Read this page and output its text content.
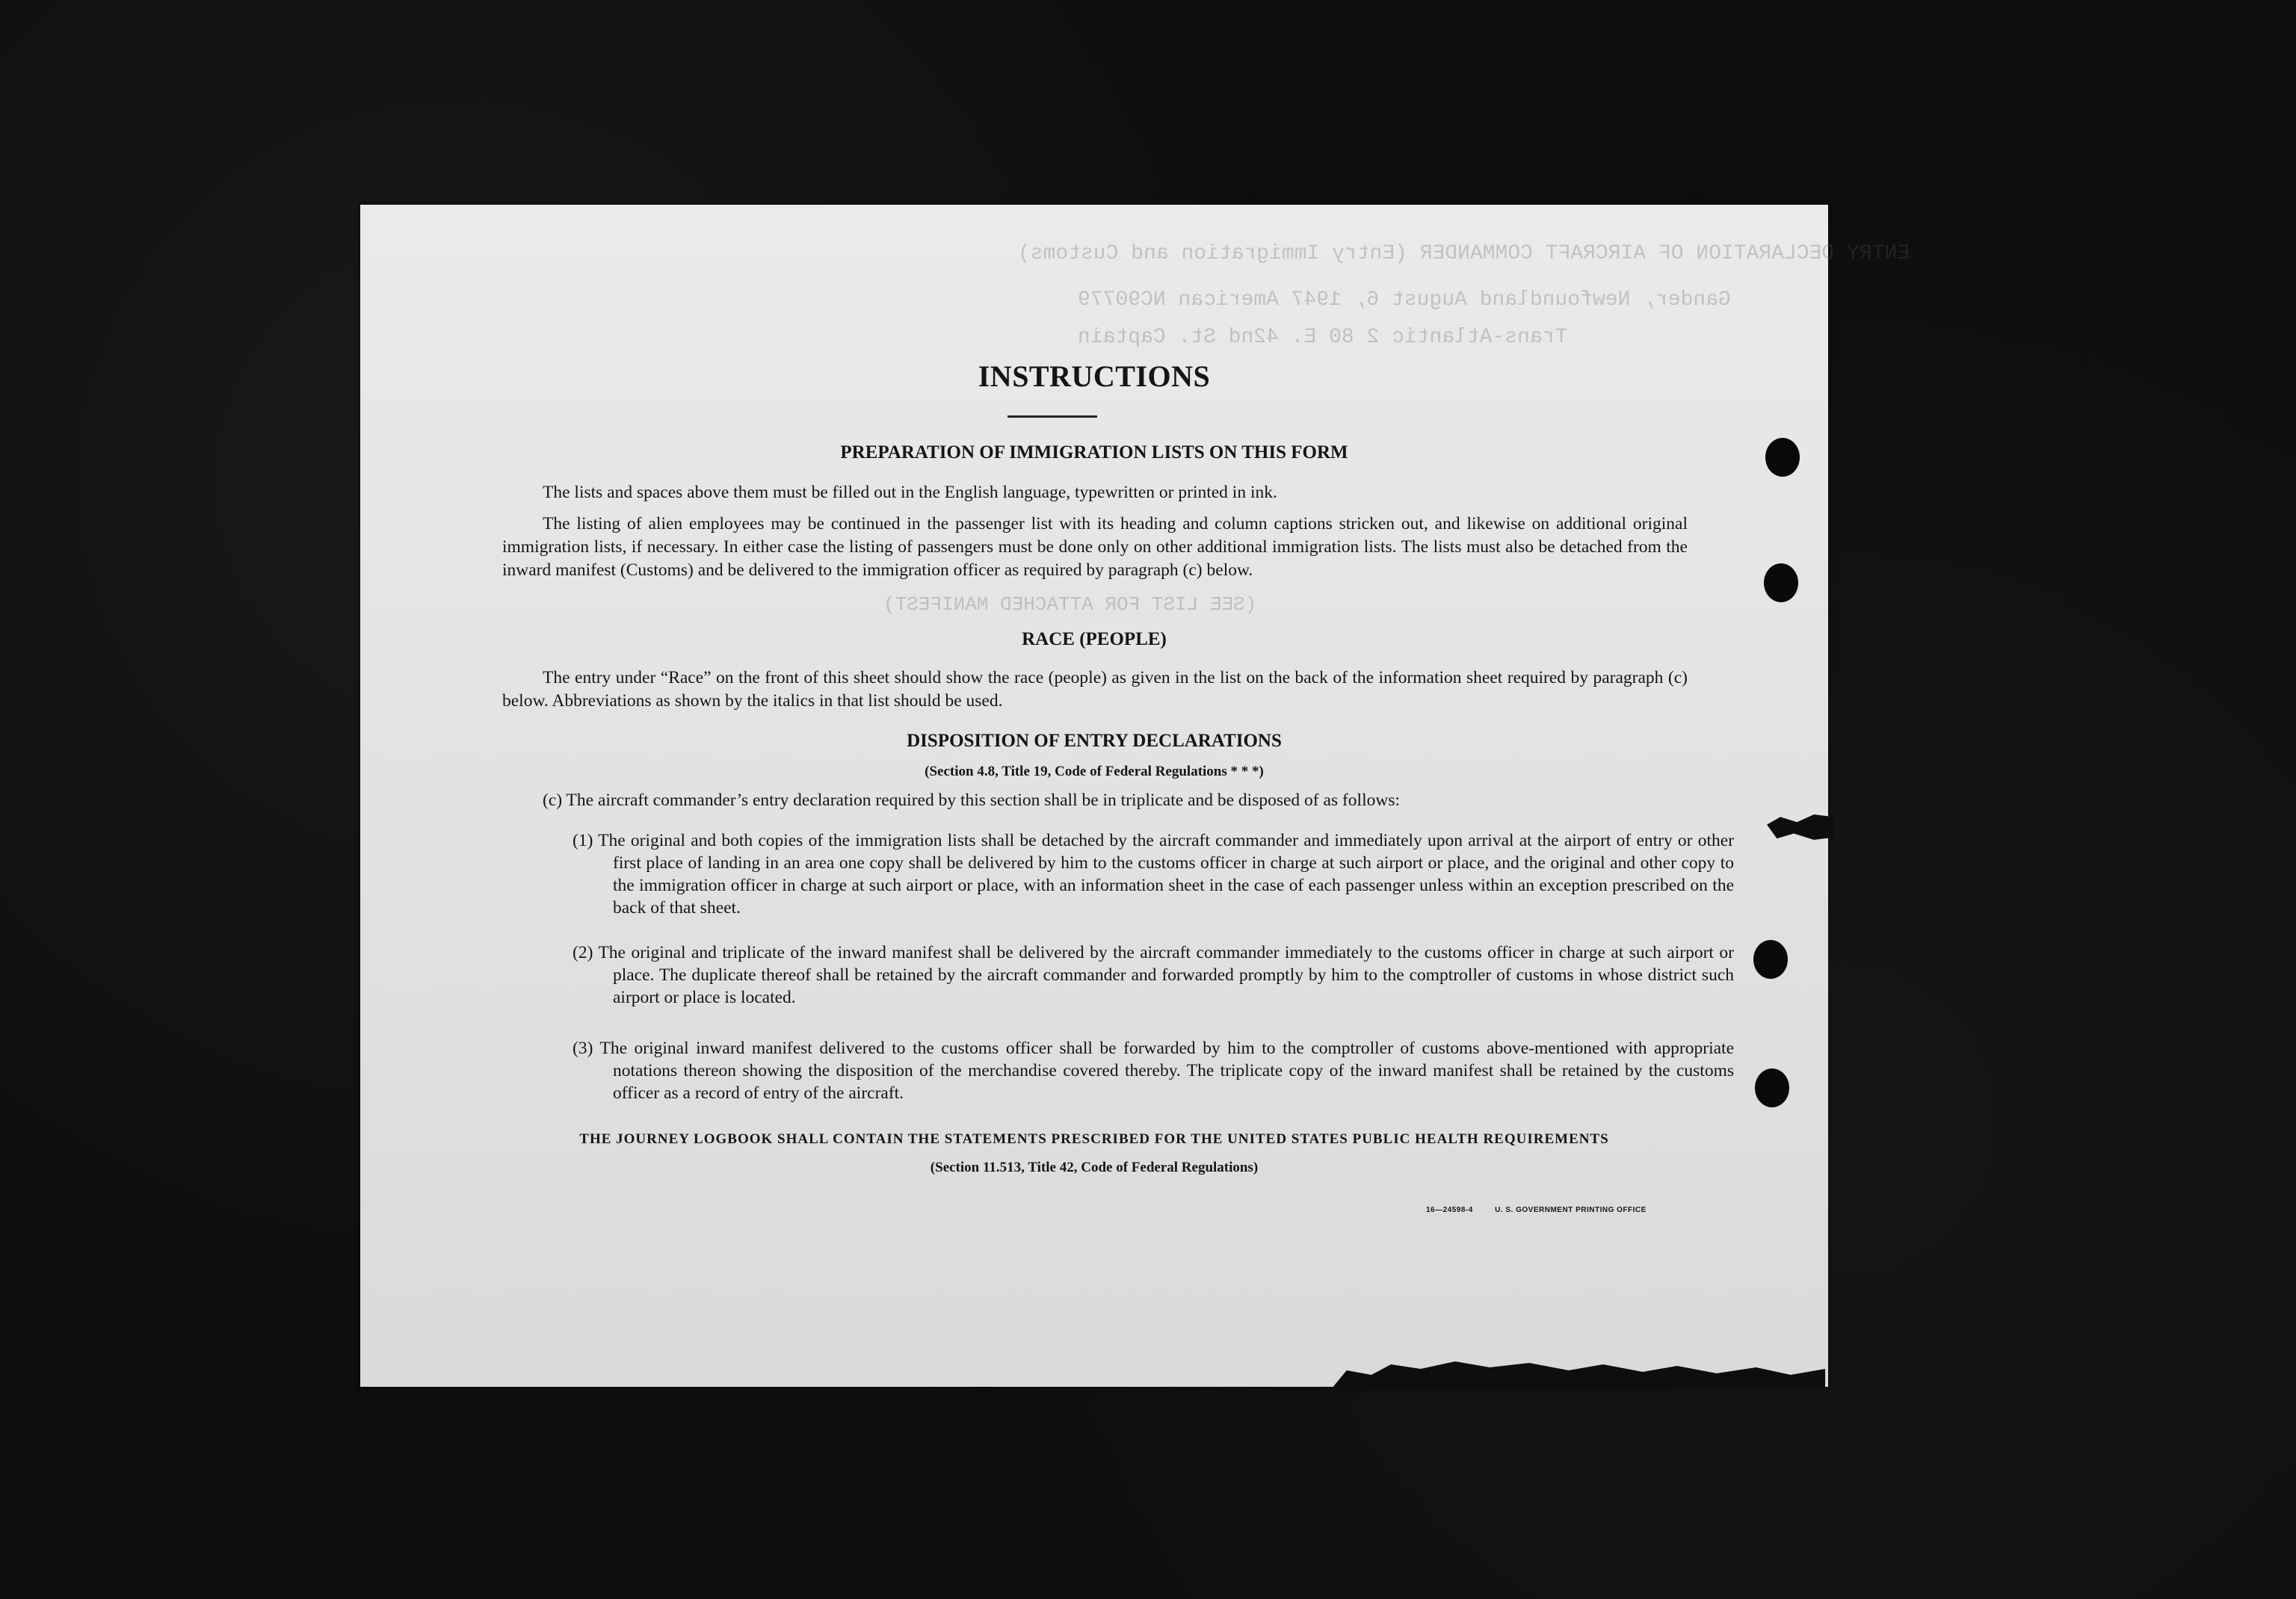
ENTRY DECLARATION OF AIRCRAFT COMMANDER (Entry Immigration and Customs)
Gander, Newfoundland August 6, 1947 American NC90779
Trans-Atlantic 2 80 E. 42nd St. Captain
(SEE LIST FOR ATTACHED MANIFEST)
INSTRUCTIONS
PREPARATION OF IMMIGRATION LISTS ON THIS FORM

The lists and spaces above them must be filled out in the English language, typewritten or printed in ink.

The listing of alien employees may be continued in the passenger list with its heading and column captions stricken out, and likewise on additional original immigration lists, if necessary. In either case the listing of passengers must be done only on other additional immigration lists. The lists must also be detached from the inward manifest (Customs) and be delivered to the immigration officer as required by paragraph (c) below.

RACE (PEOPLE)

The entry under “Race” on the front of this sheet should show the race (people) as given in the list on the back of the information sheet required by paragraph (c) below. Abbreviations as shown by the italics in that list should be used.

DISPOSITION OF ENTRY DECLARATIONS
(Section 4.8, Title 19, Code of Federal Regulations * * *)

(c) The aircraft commander’s entry declaration required by this section shall be in triplicate and be disposed of as follows:

(1) The original and both copies of the immigration lists shall be detached by the aircraft commander and immediately upon arrival at the airport of entry or other first place of landing in an area one copy shall be delivered by him to the customs officer in charge at such airport or place, and the original and other copy to the immigration officer in charge at such airport or place, with an information sheet in the case of each passenger unless within an exception prescribed on the back of that sheet.

(2) The original and triplicate of the inward manifest shall be delivered by the aircraft commander immediately to the customs officer in charge at such airport or place. The duplicate thereof shall be retained by the aircraft commander and forwarded promptly by him to the comptroller of customs in whose district such airport or place is located.

(3) The original inward manifest delivered to the customs officer shall be forwarded by him to the comptroller of customs above-mentioned with appropriate notations thereon showing the disposition of the merchandise covered thereby. The triplicate copy of the inward manifest shall be retained by the customs officer as a record of entry of the aircraft.

THE JOURNEY LOGBOOK SHALL CONTAIN THE STATEMENTS PRESCRIBED FOR THE UNITED STATES PUBLIC HEALTH REQUIREMENTS
(Section 11.513, Title 42, Code of Federal Regulations)
16—24598-4	U. S. GOVERNMENT PRINTING OFFICE
